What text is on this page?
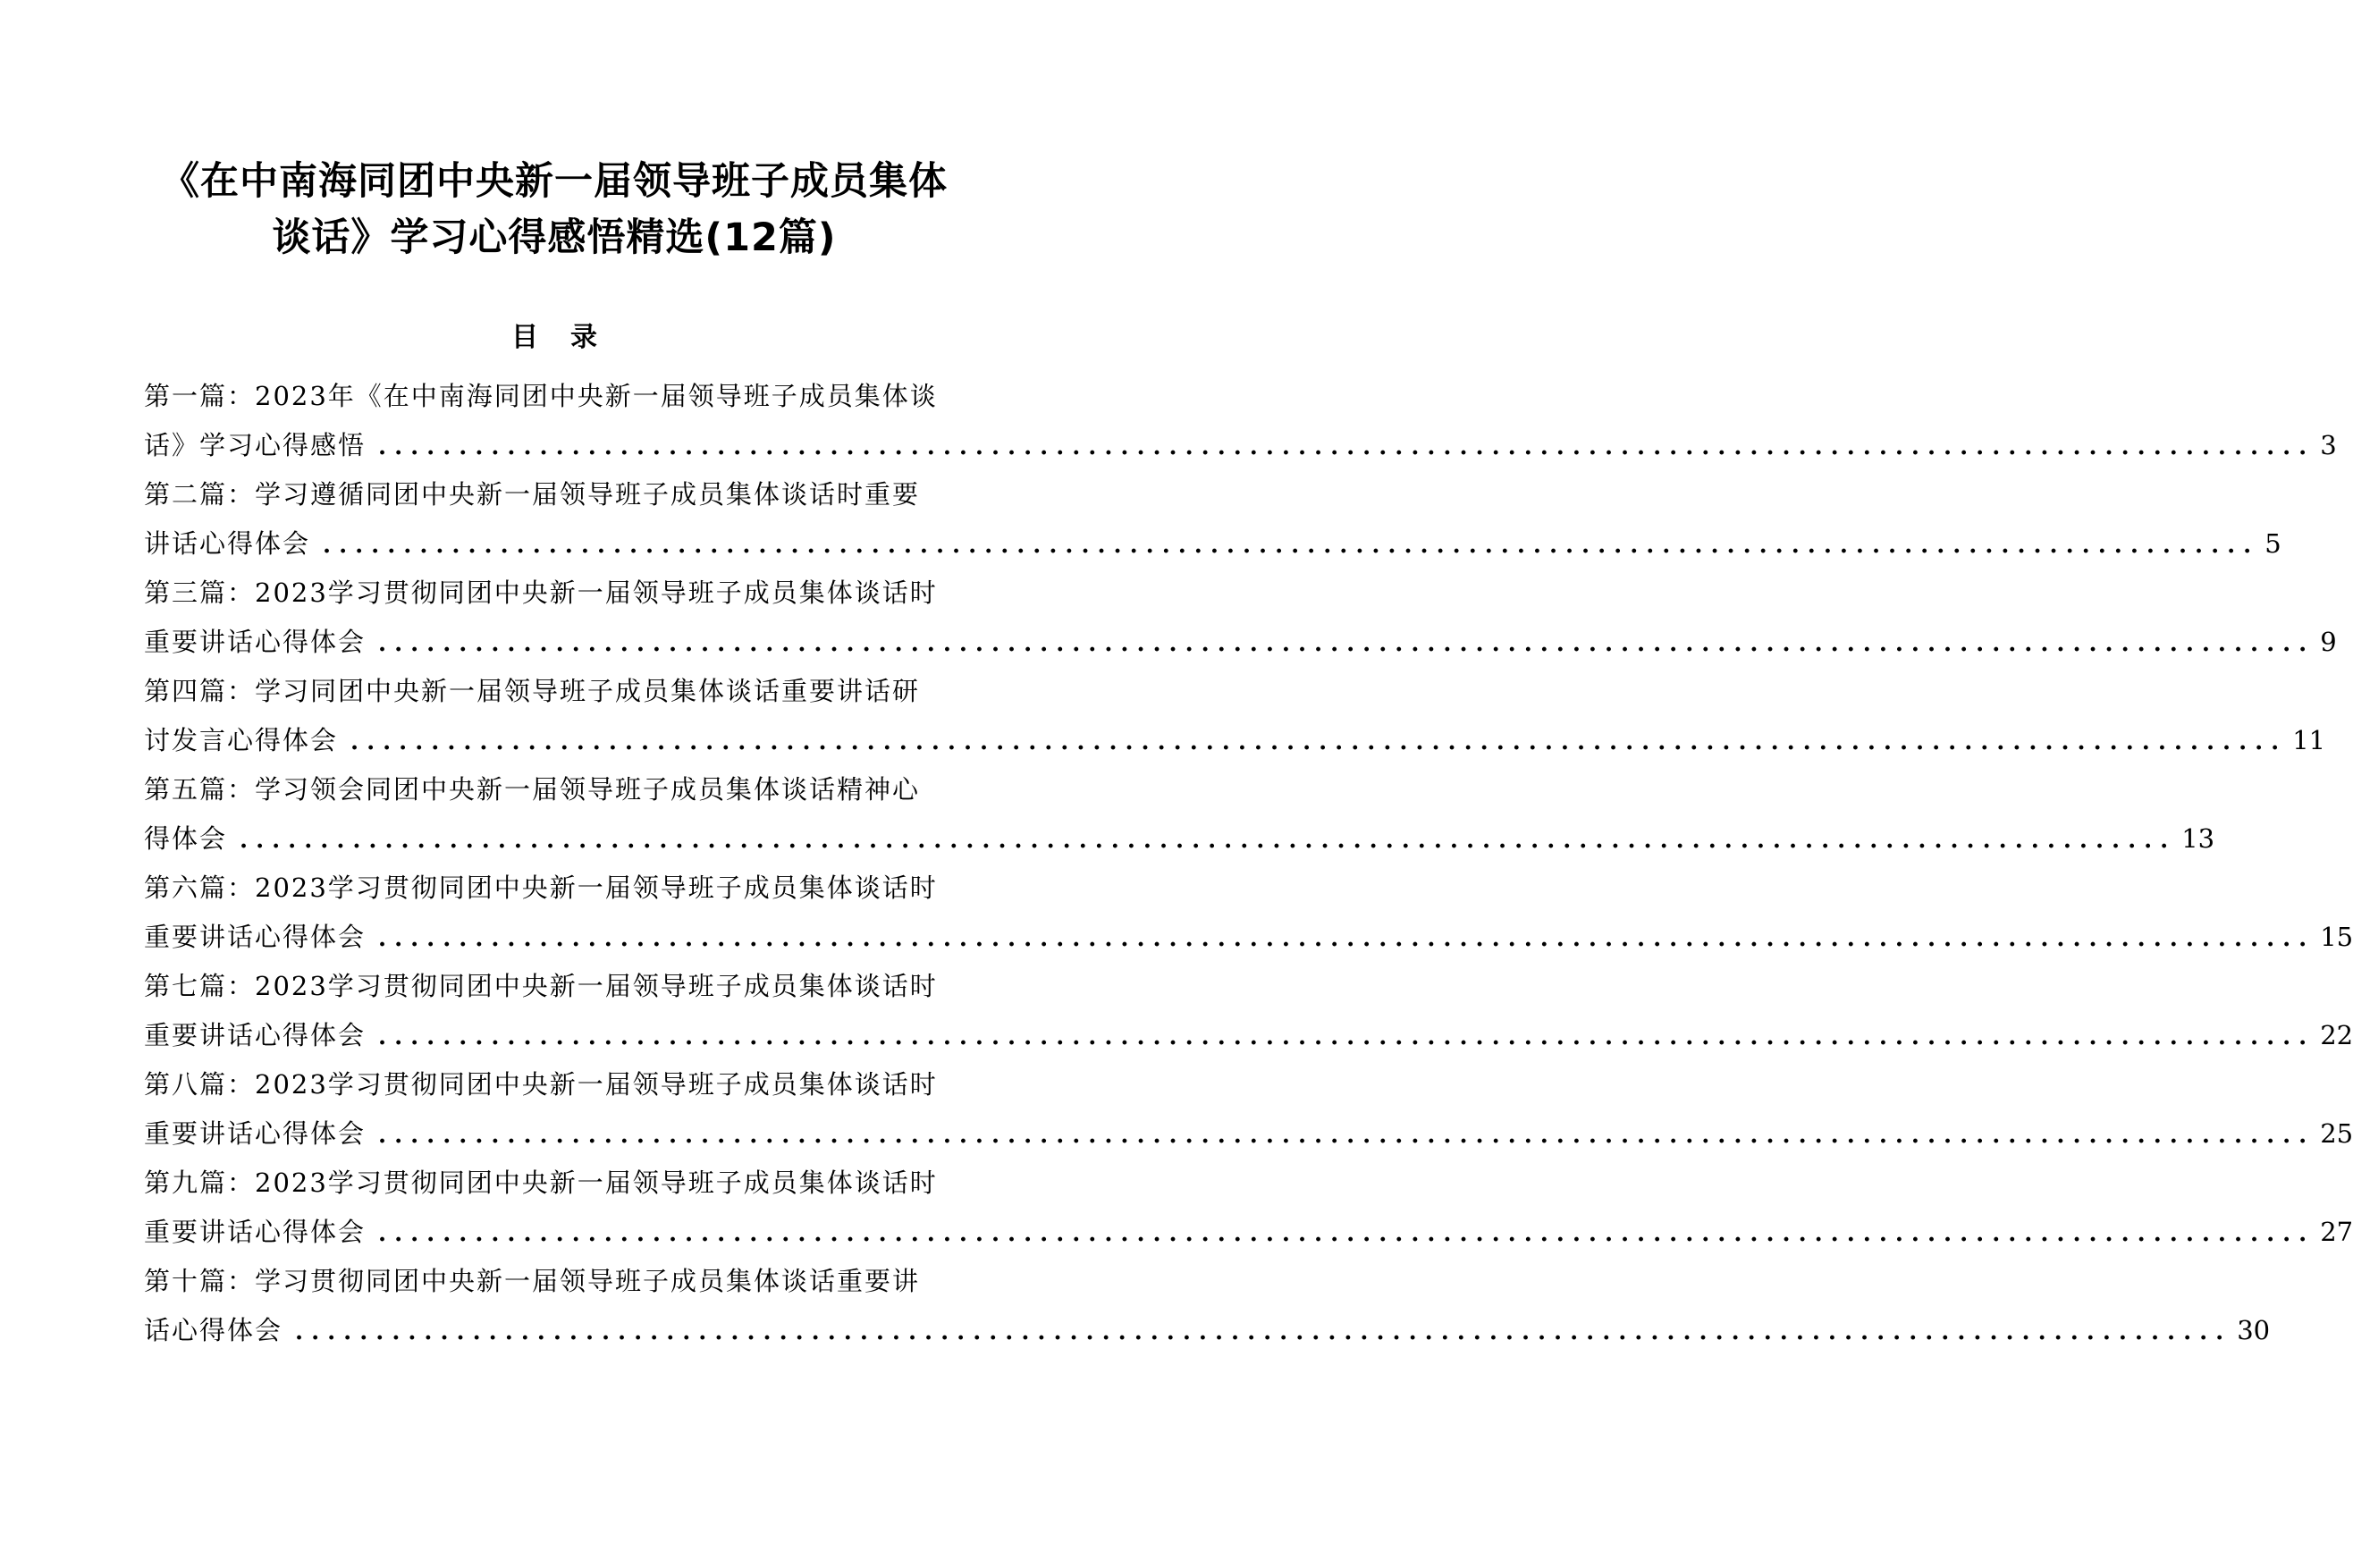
《在中南海同团中央新一届领导班子成员集体
谈话》学习心得感悟精选(12篇)
目录
第一篇：2023年《在中南海同团中央新一届领导班子成员集体谈
话》学习心得感悟 ........................................................................................................................ 3
第二篇：学习遵循同团中央新一届领导班子成员集体谈话时重要
讲话心得体会 ........................................................................................................................ 5
第三篇：2023学习贯彻同团中央新一届领导班子成员集体谈话时
重要讲话心得体会 ........................................................................................................................ 9
第四篇：学习同团中央新一届领导班子成员集体谈话重要讲话研
讨发言心得体会 ........................................................................................................................ 11
第五篇：学习领会同团中央新一届领导班子成员集体谈话精神心
得体会 ........................................................................................................................ 13
第六篇：2023学习贯彻同团中央新一届领导班子成员集体谈话时
重要讲话心得体会 ........................................................................................................................ 15
第七篇：2023学习贯彻同团中央新一届领导班子成员集体谈话时
重要讲话心得体会 ........................................................................................................................ 22
第八篇：2023学习贯彻同团中央新一届领导班子成员集体谈话时
重要讲话心得体会 ........................................................................................................................ 25
第九篇：2023学习贯彻同团中央新一届领导班子成员集体谈话时
重要讲话心得体会 ........................................................................................................................ 27
第十篇：学习贯彻同团中央新一届领导班子成员集体谈话重要讲
话心得体会 ........................................................................................................................ 30
